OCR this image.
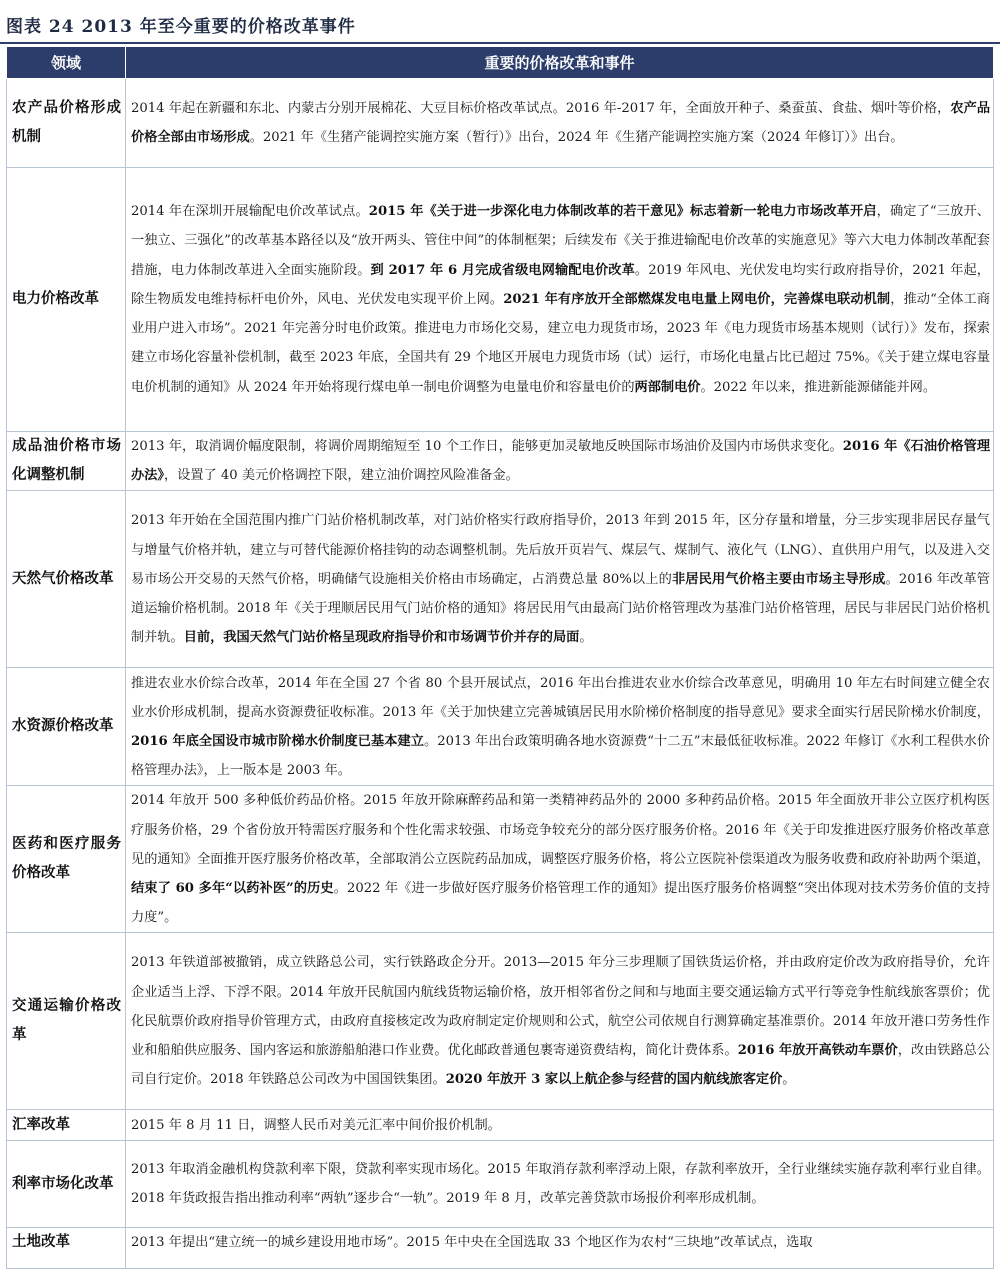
图表 24 2013 年至今重要的价格改革事件
领域	重要的价格改革和事件
农产品价格形成机制	2014 年起在新疆和东北、内蒙古分别开展棉花、大豆目标价格改革试点。2016 年-2017 年，全面放开种子、桑蚕茧、食盐、烟叶等价格，农产品价格全部由市场形成。2021 年《生猪产能调控实施方案（暂行）》出台，2024 年《生猪产能调控实施方案（2024 年修订）》出台。
电力价格改革	2014 年在深圳开展输配电价改革试点。2015 年《关于进一步深化电力体制改革的若干意见》标志着新一轮电力市场改革开启，确定了“三放开、一独立、三强化”的改革基本路径以及“放开两头、管住中间”的体制框架；后续发布《关于推进输配电价改革的实施意见》等六大电力体制改革配套措施，电力体制改革进入全面实施阶段。到 2017 年 6 月完成省级电网输配电价改革。2019 年风电、光伏发电均实行政府指导价，2021 年起，除生物质发电维持标杆电价外，风电、光伏发电实现平价上网。2021 年有序放开全部燃煤发电电量上网电价，完善煤电联动机制，推动“全体工商业用户进入市场”。2021 年完善分时电价政策。推进电力市场化交易，建立电力现货市场，2023 年《电力现货市场基本规则（试行）》发布，探索建立市场化容量补偿机制，截至 2023 年底，全国共有 29 个地区开展电力现货市场（试）运行，市场化电量占比已超过 75%。《关于建立煤电容量电价机制的通知》从 2024 年开始将现行煤电单一制电价调整为电量电价和容量电价的两部制电价。2022 年以来，推进新能源储能并网。
成品油价格市场化调整机制	2013 年，取消调价幅度限制，将调价周期缩短至 10 个工作日，能够更加灵敏地反映国际市场油价及国内市场供求变化。2016 年《石油价格管理办法》，设置了 40 美元价格调控下限，建立油价调控风险准备金。
天然气价格改革	2013 年开始在全国范围内推广门站价格机制改革，对门站价格实行政府指导价，2013 年到 2015 年，区分存量和增量，分三步实现非居民存量气与增量气价格并轨，建立与可替代能源价格挂钩的动态调整机制。先后放开页岩气、煤层气、煤制气、液化气（LNG）、直供用户用气，以及进入交易市场公开交易的天然气价格，明确储气设施相关价格由市场确定，占消费总量 80%以上的非居民用气价格主要由市场主导形成。2016 年改革管道运输价格机制。2018 年《关于理顺居民用气门站价格的通知》将居民用气由最高门站价格管理改为基准门站价格管理，居民与非居民门站价格机制并轨。目前，我国天然气门站价格呈现政府指导价和市场调节价并存的局面。
水资源价格改革	推进农业水价综合改革，2014 年在全国 27 个省 80 个县开展试点，2016 年出台推进农业水价综合改革意见，明确用 10 年左右时间建立健全农业水价形成机制，提高水资源费征收标准。2013 年《关于加快建立完善城镇居民用水阶梯价格制度的指导意见》要求全面实行居民阶梯水价制度，2016 年底全国设市城市阶梯水价制度已基本建立。2013 年出台政策明确各地水资源费“十二五”末最低征收标准。2022 年修订《水利工程供水价格管理办法》，上一版本是 2003 年。
医药和医疗服务价格改革	2014 年放开 500 多种低价药品价格。2015 年放开除麻醉药品和第一类精神药品外的 2000 多种药品价格。2015 年全面放开非公立医疗机构医疗服务价格，29 个省份放开特需医疗服务和个性化需求较强、市场竞争较充分的部分医疗服务价格。2016 年《关于印发推进医疗服务价格改革意见的通知》全面推开医疗服务价格改革，全部取消公立医院药品加成，调整医疗服务价格，将公立医院补偿渠道改为服务收费和政府补助两个渠道，结束了 60 多年“以药补医”的历史。2022 年《进一步做好医疗服务价格管理工作的通知》提出医疗服务价格调整“突出体现对技术劳务价值的支持力度”。
交通运输价格改革	2013 年铁道部被撤销，成立铁路总公司，实行铁路政企分开。2013—2015 年分三步理顺了国铁货运价格，并由政府定价改为政府指导价，允许企业适当上浮、下浮不限。2014 年放开民航国内航线货物运输价格，放开相邻省份之间和与地面主要交通运输方式平行等竞争性航线旅客票价；优化民航票价政府指导价管理方式，由政府直接核定改为政府制定定价规则和公式，航空公司依规自行测算确定基准票价。2014 年放开港口劳务性作业和船舶供应服务、国内客运和旅游船舶港口作业费。优化邮政普通包裹寄递资费结构，简化计费体系。2016 年放开高铁动车票价，改由铁路总公司自行定价。2018 年铁路总公司改为中国国铁集团。2020 年放开 3 家以上航企参与经营的国内航线旅客定价。
汇率改革	2015 年 8 月 11 日，调整人民币对美元汇率中间价报价机制。
利率市场化改革	2013 年取消金融机构贷款利率下限，贷款利率实现市场化。2015 年取消存款利率浮动上限，存款利率放开，全行业继续实施存款利率行业自律。2018 年货政报告指出推动利率“两轨”逐步合“一轨”。2019 年 8 月，改革完善贷款市场报价利率形成机制。
土地改革	2013 年提出“建立统一的城乡建设用地市场”。2015 年中央在全国选取 33 个地区作为农村“三块地”改革试点，选取
